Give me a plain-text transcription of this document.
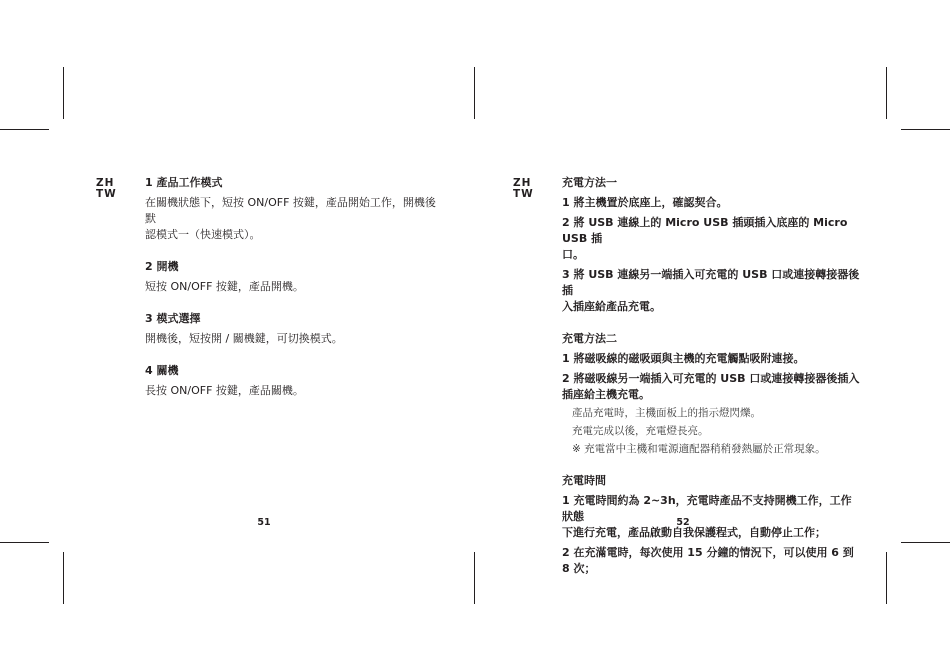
ZH
TW
1 產品工作模式

在關機狀態下，短按 ON/OFF 按鍵，產品開始工作，開機後默

認模式一（快速模式）。

2 開機

短按 ON/OFF 按鍵，產品開機。

3 模式選擇

開機後，短按開 / 關機鍵，可切換模式。

4 關機

長按 ON/OFF 按鍵，產品關機。

51
ZH
TW
充電方法一

1 將主機置於底座上，確認契合。

2 將 USB 連線上的 Micro USB 插頭插入底座的 Micro USB 插

口。

3 將 USB 連線另一端插入可充電的 USB 口或連接轉接器後插

入插座給產品充電。

充電方法二

1 將磁吸線的磁吸頭與主機的充電觸點吸附連接。

2 將磁吸線另一端插入可充電的 USB 口或連接轉接器後插入

插座給主機充電。

產品充電時，主機面板上的指示燈閃爍。

充電完成以後，充電燈長亮。

※ 充電當中主機和電源適配器稍稍發熱屬於正常現象。

充電時間

1 充電時間約為 2~3h，充電時產品不支持開機工作，工作狀態

下進行充電，產品啟動自我保護程式，自動停止工作；

2 在充滿電時，每次使用 15 分鐘的情況下，可以使用 6 到 8 次；

52
